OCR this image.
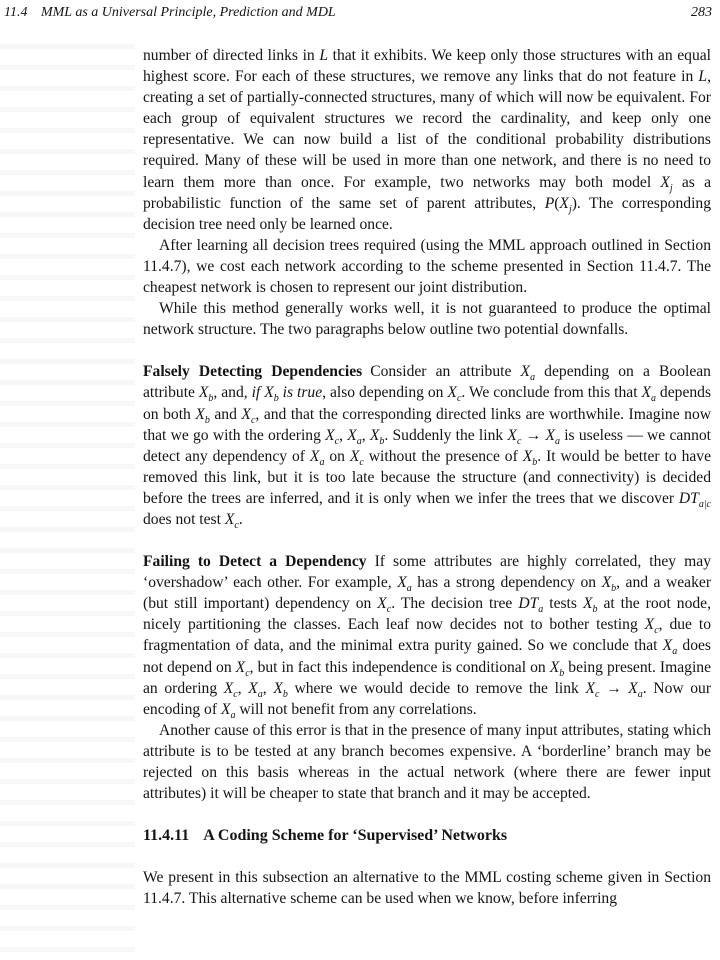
11.4 MML as a Universal Principle, Prediction and MDL	283

number of directed links in L that it exhibits. We keep only those structures with an equal highest score. For each of these structures, we remove any links that do not feature in L, creating a set of partially-connected structures, many of which will now be equivalent. For each group of equivalent structures we record the cardinality, and keep only one representative. We can now build a list of the conditional probability distributions required. Many of these will be used in more than one network, and there is no need to learn them more than once. For example, two networks may both model $X_j$ as a probabilistic function of the same set of parent attributes, $P(X_j)$. The corresponding decision tree need only be learned once.

After learning all decision trees required (using the MML approach outlined in Section 11.4.7), we cost each network according to the scheme presented in Section 11.4.7. The cheapest network is chosen to represent our joint distribution.

While this method generally works well, it is not guaranteed to produce the optimal network structure. The two paragraphs below outline two potential downfalls.

Falsely Detecting Dependencies Consider an attribute $X_a$ depending on a Boolean attribute $X_b$, and, if $X_b$ is true, also depending on $X_c$. We conclude from this that $X_a$ depends on both $X_b$ and $X_c$, and that the corresponding directed links are worthwhile. Imagine now that we go with the ordering $X_c$, $X_a$, $X_b$. Suddenly the link $X_c \to X_a$ is useless — we cannot detect any dependency of $X_a$ on $X_c$ without the presence of $X_b$. It would be better to have removed this link, but it is too late because the structure (and connectivity) is decided before the trees are inferred, and it is only when we infer the trees that we discover $DT_{a|c}$ does not test $X_c$.

Failing to Detect a Dependency If some attributes are highly correlated, they may ‘overshadow’ each other. For example, $X_a$ has a strong dependency on $X_b$, and a weaker (but still important) dependency on $X_c$. The decision tree $DT_a$ tests $X_b$ at the root node, nicely partitioning the classes. Each leaf now decides not to bother testing $X_c$, due to fragmentation of data, and the minimal extra purity gained. So we conclude that $X_a$ does not depend on $X_c$, but in fact this independence is conditional on $X_b$ being present. Imagine an ordering $X_c$, $X_a$, $X_b$ where we would decide to remove the link $X_c \to X_a$. Now our encoding of $X_a$ will not benefit from any correlations.

Another cause of this error is that in the presence of many input attributes, stating which attribute is to be tested at any branch becomes expensive. A ‘borderline’ branch may be rejected on this basis whereas in the actual network (where there are fewer input attributes) it will be cheaper to state that branch and it may be accepted.

11.4.11 A Coding Scheme for ‘Supervised’ Networks

We present in this subsection an alternative to the MML costing scheme given in Section 11.4.7. This alternative scheme can be used when we know, before inferring
